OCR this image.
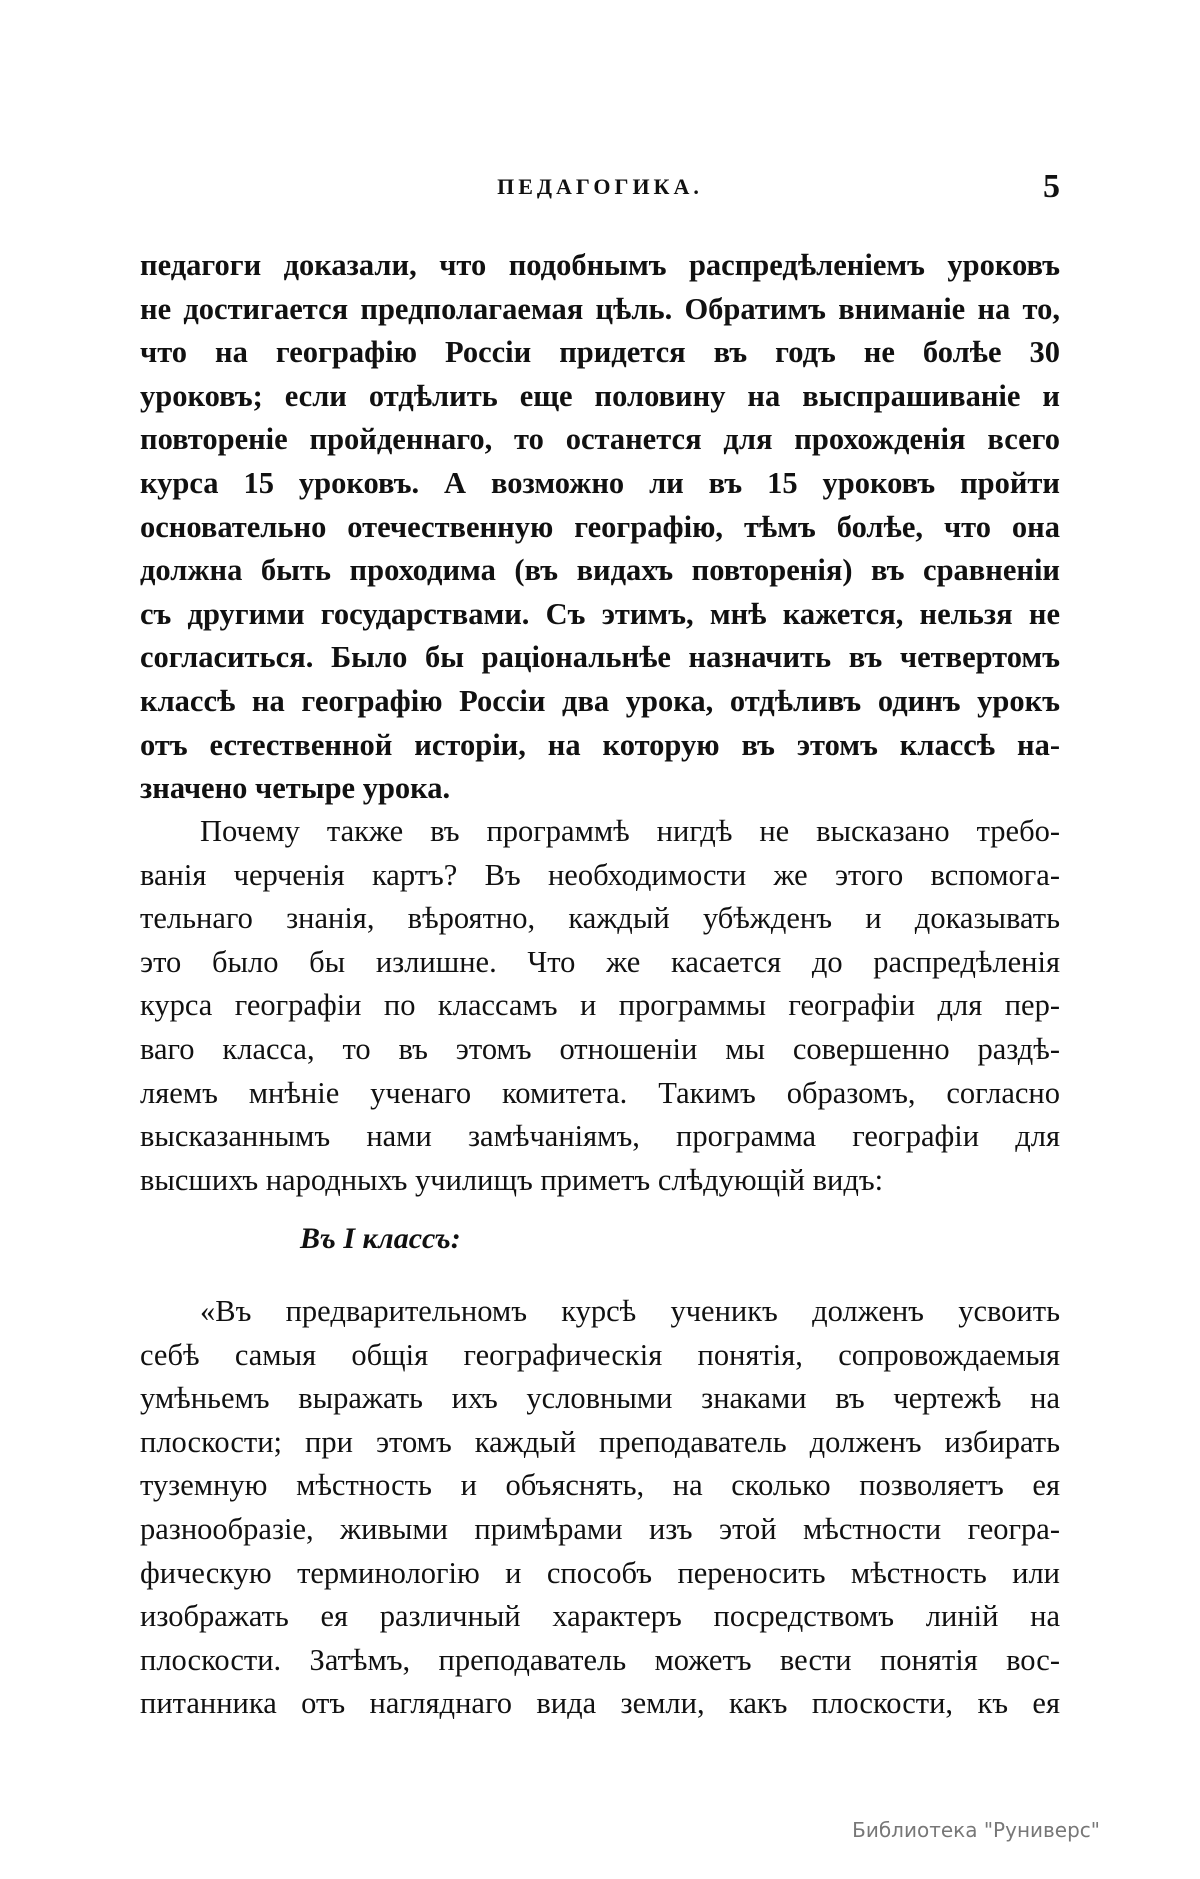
ПЕДАГОГИКА.	5
педагоги доказали, что подобнымъ распредѣленіемъ уроковъ
не достигается предполагаемая цѣль. Обратимъ вниманіе на то,
что на географію Россіи придется въ годъ не болѣе 30
уроковъ; если отдѣлить еще половину на выспрашиваніе и
повтореніе пройденнаго, то останется для прохожденія всего
курса 15 уроковъ. А возможно ли въ 15 уроковъ пройти
основательно отечественную географію, тѣмъ болѣе, что она
должна быть проходима (въ видахъ повторенія) въ сравненіи
съ другими государствами. Съ этимъ, мнѣ кажется, нельзя не
согласиться. Было бы раціональнѣе назначить въ четвертомъ
классѣ на географію Россіи два урока, отдѣливъ одинъ урокъ
отъ естественной исторіи, на которую въ этомъ классѣ на-
значено четыре урока.
Почему также въ программѣ нигдѣ не высказано требо-
ванія черченія картъ? Въ необходимости же этого вспомога-
тельнаго знанія, вѣроятно, каждый убѣжденъ и доказывать
это было бы излишне. Что же касается до распредѣленія
курса географіи по классамъ и программы географіи для пер-
ваго класса, то въ этомъ отношеніи мы совершенно раздѣ-
ляемъ мнѣніе ученаго комитета. Такимъ образомъ, согласно
высказаннымъ нами замѣчаніямъ, программа географіи для
высшихъ народныхъ училищъ приметъ слѣдующій видъ:
Въ I классъ:
«Въ предварительномъ курсѣ ученикъ долженъ усвоить
себѣ самыя общія географическія понятія, сопровождаемыя
умѣньемъ выражать ихъ условными знаками въ чертежѣ на
плоскости; при этомъ каждый преподаватель долженъ избирать
туземную мѣстность и объяснять, на сколько позволяетъ ея
разнообразіе, живыми примѣрами изъ этой мѣстности геогра-
фическую терминологію и способъ переносить мѣстность или
изображать ея различный характеръ посредствомъ линій на
плоскости. Затѣмъ, преподаватель можетъ вести понятія вос-
питанника отъ нагляднаго вида земли, какъ плоскости, къ ея
Библиотека "Руниверс"
